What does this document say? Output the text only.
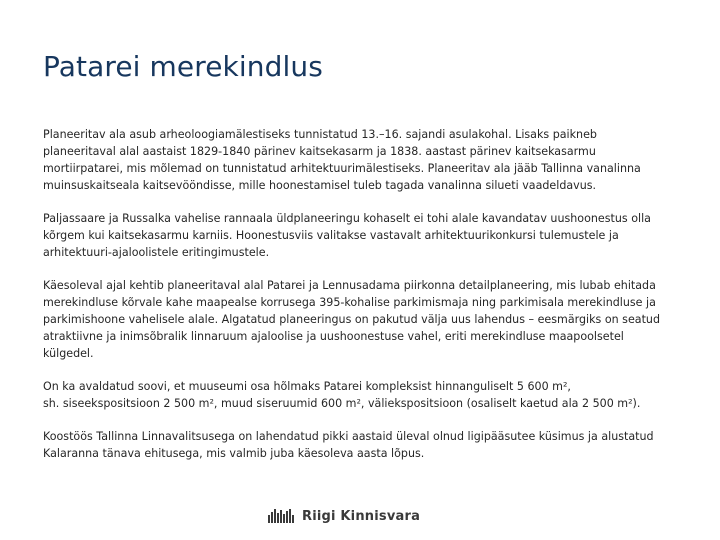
Patarei merekindlus

Planeeritav ala asub arheoloogiamälestiseks tunnistatud 13.–16. sajandi asulakohal. Lisaks paikneb
planeeritaval alal aastaist 1829-1840 pärinev kaitsekasarm ja 1838. aastast pärinev kaitsekasarmu
mortiirpatarei, mis mõlemad on tunnistatud arhitektuurimälestiseks. Planeeritav ala jääb Tallinna vanalinna
muinsuskaitseala kaitsevööndisse, mille hoonestamisel tuleb tagada vanalinna silueti vaadeldavus.

Paljassaare ja Russalka vahelise rannaala üldplaneeringu kohaselt ei tohi alale kavandatav uushoonestus olla
kõrgem kui kaitsekasarmu karniis. Hoonestusviis valitakse vastavalt arhitektuurikonkursi tulemustele ja
arhitektuuri-ajaloolistele eritingimustele.

Käesoleval ajal kehtib planeeritaval alal Patarei ja Lennusadama piirkonna detailplaneering, mis lubab ehitada
merekindluse kõrvale kahe maapealse korrusega 395-kohalise parkimismaja ning parkimisala merekindluse ja
parkimishoone vahelisele alale. Algatatud planeeringus on pakutud välja uus lahendus – eesmärgiks on seatud
atraktiivne ja inimsõbralik linnaruum ajaloolise ja uushoonestuse vahel, eriti merekindluse maapoolsetel
külgedel.

On ka avaldatud soovi, et muuseumi osa hõlmaks Patarei kompleksist hinnanguliselt 5 600 m²,
sh. siseekspositsioon 2 500 m², muud siseruumid 600 m², väliekspositsioon (osaliselt kaetud ala 2 500 m²).

Koostöös Tallinna Linnavalitsusega on lahendatud pikki aastaid üleval olnud ligipääsutee küsimus ja alustatud
Kalaranna tänava ehitusega, mis valmib juba käesoleva aasta lõpus.

Riigi Kinnisvara
